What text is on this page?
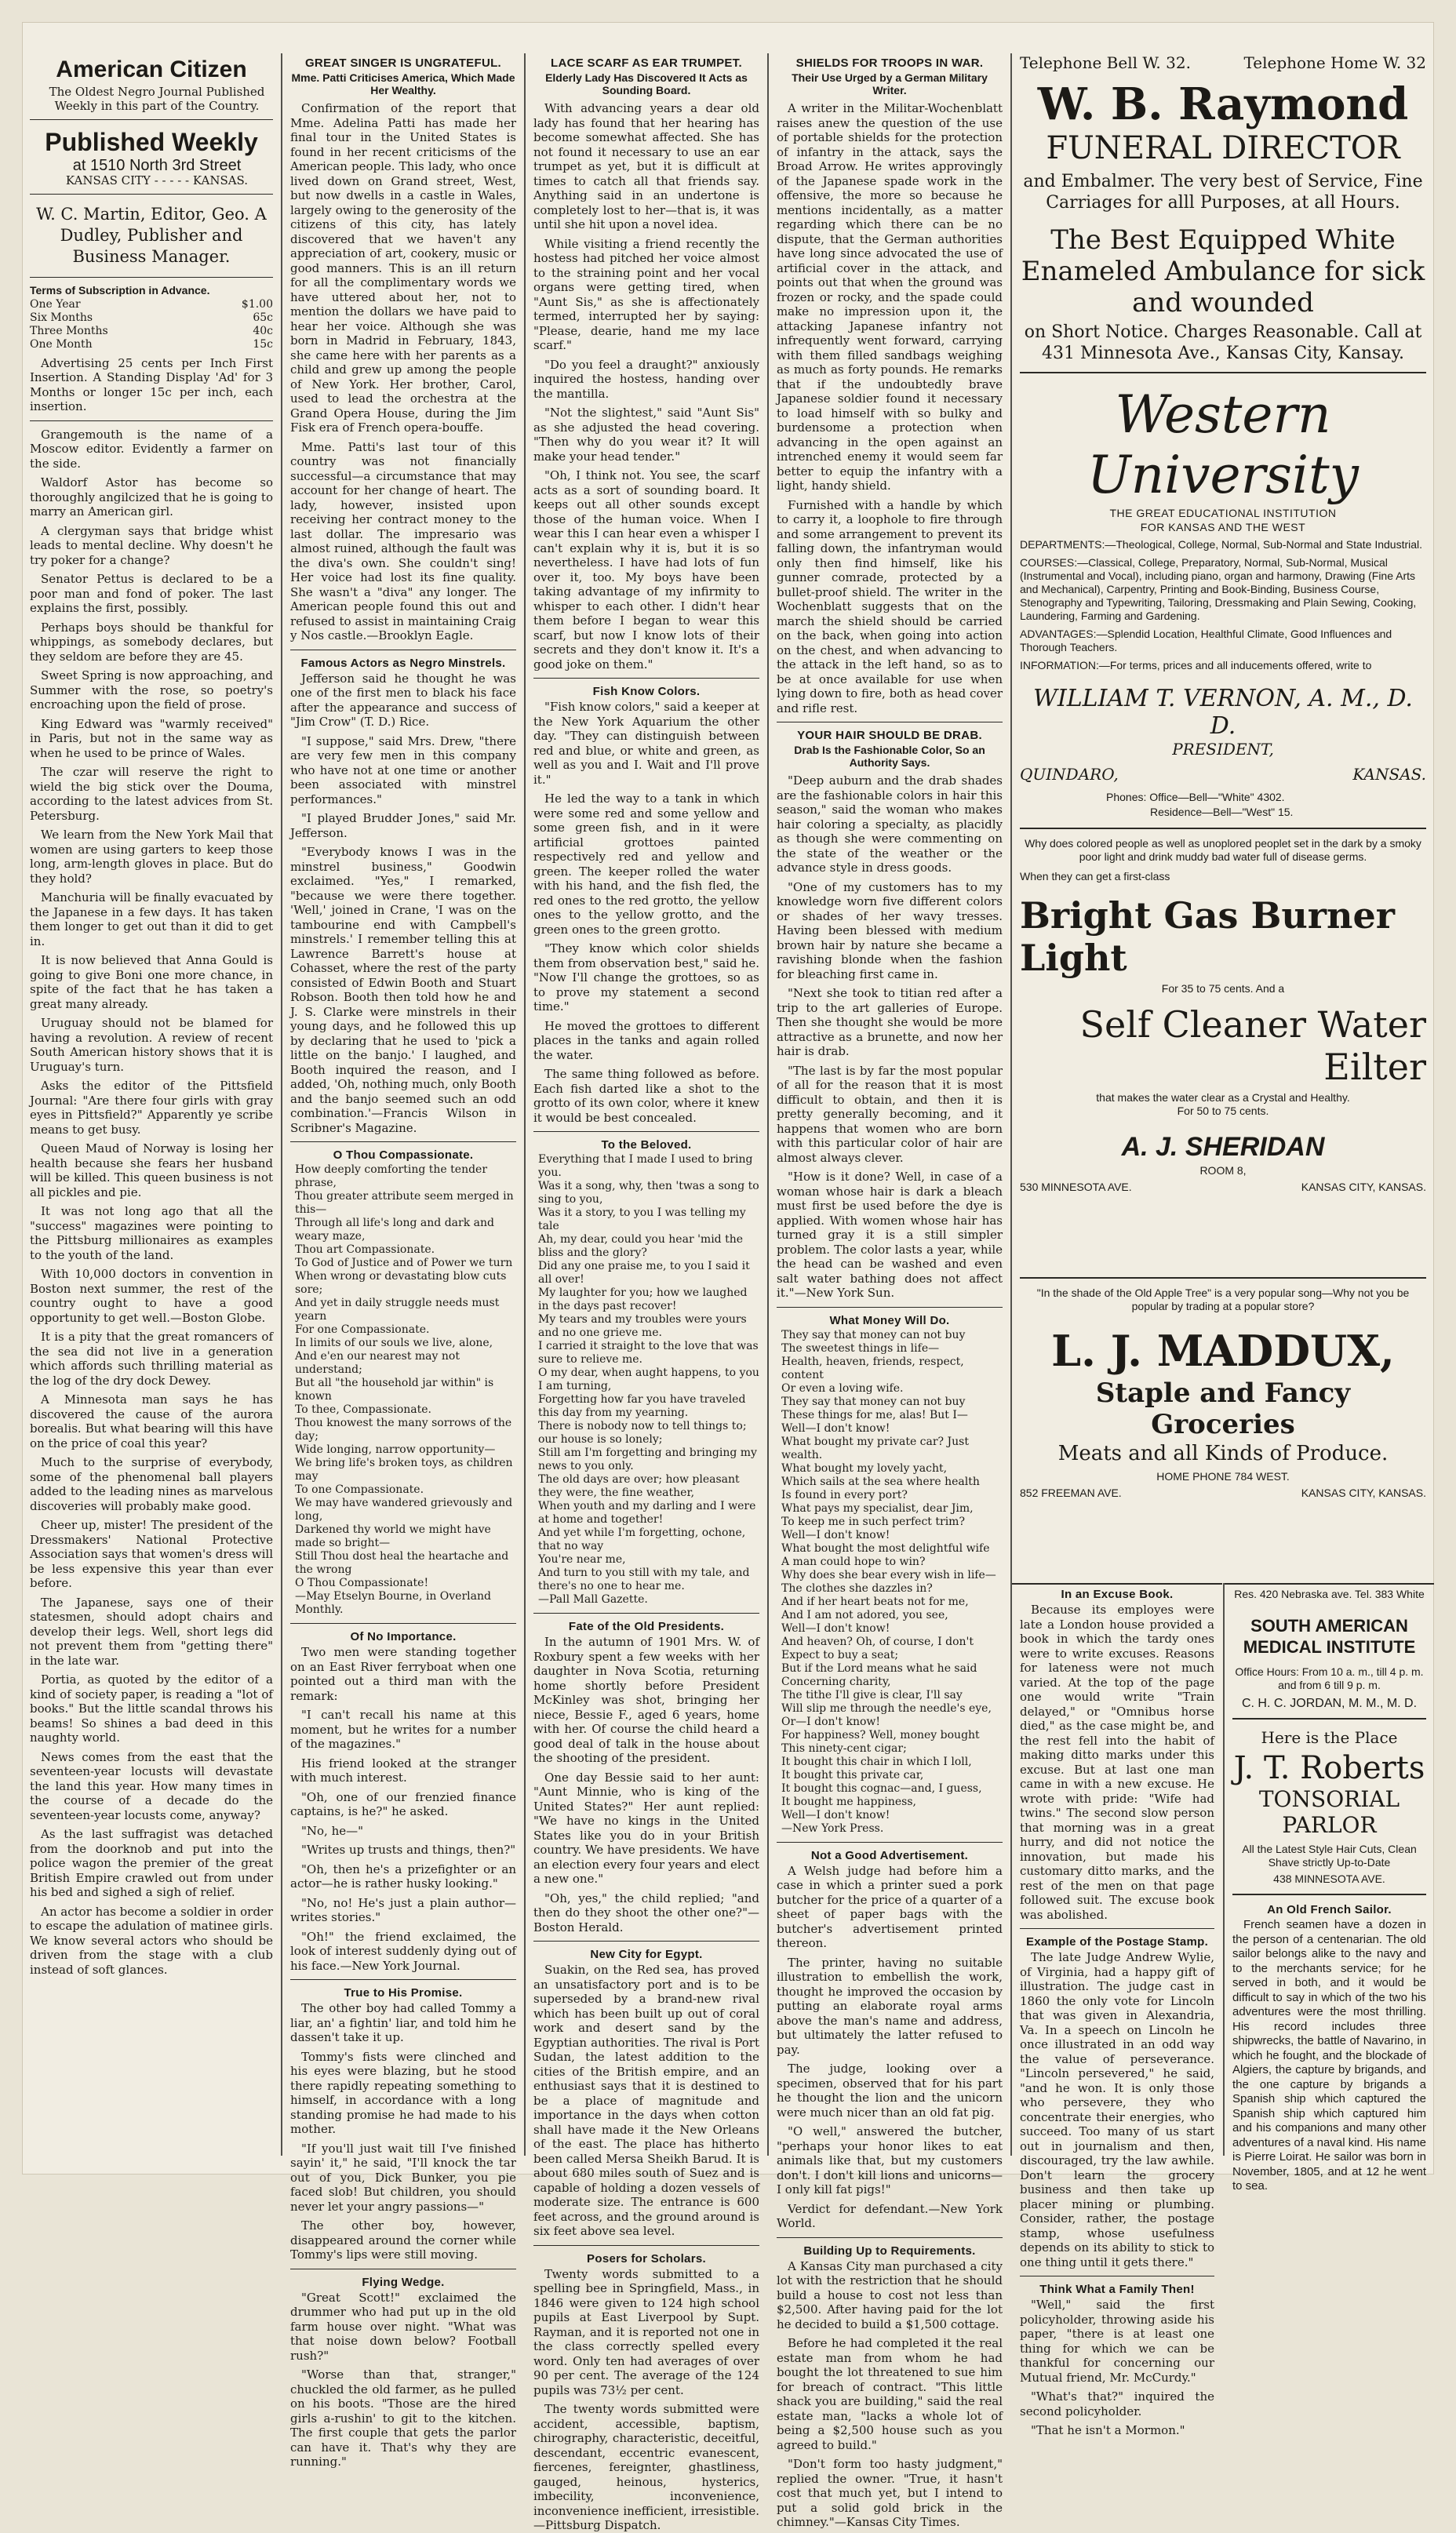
American Citizen

The Oldest Negro Journal Published

Weekly in this part of the Country.

Published Weekly

at 1510 North 3rd Street

KANSAS CITY - - - - - KANSAS.

W. C. Martin, Editor, Geo. A Dudley, Publisher and Business Manager.
Terms of Subscription in Advance.
One Year	$1.00
Six Months	65c
Three Months	40c
One Month	15c

Advertising 25 cents per Inch First Insertion. A Standing Display 'Ad' for 3 Months or longer 15c per inch, each insertion.

Grangemouth is the name of a Moscow editor. Evidently a farmer on the side.

Waldorf Astor has become so thoroughly angilcized that he is going to marry an American girl.

A clergyman says that bridge whist leads to mental decline. Why doesn't he try poker for a change?

Senator Pettus is declared to be a poor man and fond of poker. The last explains the first, possibly.

Perhaps boys should be thankful for whippings, as somebody declares, but they seldom are before they are 45.

Sweet Spring is now approaching, and Summer with the rose, so poetry's encroaching upon the field of prose.

King Edward was "warmly received" in Paris, but not in the same way as when he used to be prince of Wales.

The czar will reserve the right to wield the big stick over the Douma, according to the latest advices from St. Petersburg.

We learn from the New York Mail that women are using garters to keep those long, arm-length gloves in place. But do they hold?

Manchuria will be finally evacuated by the Japanese in a few days. It has taken them longer to get out than it did to get in.

It is now believed that Anna Gould is going to give Boni one more chance, in spite of the fact that he has taken a great many already.

Uruguay should not be blamed for having a revolution. A review of recent South American history shows that it is Uruguay's turn.

Asks the editor of the Pittsfield Journal: "Are there four girls with gray eyes in Pittsfield?" Apparently ye scribe means to get busy.

Queen Maud of Norway is losing her health because she fears her husband will be killed. This queen business is not all pickles and pie.

It was not long ago that all the "success" magazines were pointing to the Pittsburg millionaires as examples to the youth of the land.

With 10,000 doctors in convention in Boston next summer, the rest of the country ought to have a good opportunity to get well.—Boston Globe.

It is a pity that the great romancers of the sea did not live in a generation which affords such thrilling material as the log of the dry dock Dewey.

A Minnesota man says he has discovered the cause of the aurora borealis. But what bearing will this have on the price of coal this year?

Much to the surprise of everybody, some of the phenomenal ball players added to the leading nines as marvelous discoveries will probably make good.

Cheer up, mister! The president of the Dressmakers' National Protective Association says that women's dress will be less expensive this year than ever before.

The Japanese, says one of their statesmen, should adopt chairs and develop their legs. Well, short legs did not prevent them from "getting there" in the late war.

Portia, as quoted by the editor of a kind of society paper, is reading a "lot of books." But the little scandal throws his beams! So shines a bad deed in this naughty world.

News comes from the east that the seventeen-year locusts will devastate the land this year. How many times in the course of a decade do the seventeen-year locusts come, anyway?

As the last suffragist was detached from the doorknob and put into the police wagon the premier of the great British Empire crawled out from under his bed and sighed a sigh of relief.

An actor has become a soldier in order to escape the adulation of matinee girls. We know several actors who should be driven from the stage with a club instead of soft glances.

GREAT SINGER IS UNGRATEFUL.
Mme. Patti Criticises America, Which Made Her Wealthy.

Confirmation of the report that Mme. Adelina Patti has made her final tour in the United States is found in her recent criticisms of the American people. This lady, who once lived down on Grand street, West, but now dwells in a castle in Wales, largely owing to the generosity of the citizens of this city, has lately discovered that we haven't any appreciation of art, cookery, music or good manners. This is an ill return for all the complimentary words we have uttered about her, not to mention the dollars we have paid to hear her voice. Although she was born in Madrid in February, 1843, she came here with her parents as a child and grew up among the people of New York. Her brother, Carol, used to lead the orchestra at the Grand Opera House, during the Jim Fisk era of French opera-bouffe.

Mme. Patti's last tour of this country was not financially successful—a circumstance that may account for her change of heart. The lady, however, insisted upon receiving her contract money to the last dollar. The impresario was almost ruined, although the fault was the diva's own. She couldn't sing! Her voice had lost its fine quality. She wasn't a "diva" any longer. The American people found this out and refused to assist in maintaining Craig y Nos castle.—Brooklyn Eagle.

Famous Actors as Negro Minstrels.

Jefferson said he thought he was one of the first men to black his face after the appearance and success of "Jim Crow" (T. D.) Rice.

"I suppose," said Mrs. Drew, "there are very few men in this company who have not at one time or another been associated with minstrel performances."

"I played Brudder Jones," said Mr. Jefferson.

"Everybody knows I was in the minstrel business," Goodwin exclaimed. "Yes," I remarked, "because we were there together. 'Well,' joined in Crane, 'I was on the tambourine end with Campbell's minstrels.' I remember telling this at Lawrence Barrett's house at Cohasset, where the rest of the party consisted of Edwin Booth and Stuart Robson. Booth then told how he and J. S. Clarke were minstrels in their young days, and he followed this up by declaring that he used to 'pick a little on the banjo.' I laughed, and Booth inquired the reason, and I added, 'Oh, nothing much, only Booth and the banjo seemed such an odd combination.'—Francis Wilson in Scribner's Magazine.

O Thou Compassionate.
How deeply comforting the tender phrase,
Thou greater attribute seem merged in this—
Through all life's long and dark and weary maze,
Thou art Compassionate.
To God of Justice and of Power we turn
When wrong or devastating blow cuts sore;
And yet in daily struggle needs must yearn
For one Compassionate.
In limits of our souls we live, alone,
And e'en our nearest may not understand;
But all "the household jar within" is known
To thee, Compassionate.
Thou knowest the many sorrows of the day;
Wide longing, narrow opportunity—
We bring life's broken toys, as children may
To one Compassionate.
We may have wandered grievously and long,
Darkened thy world we might have made so bright—
Still Thou dost heal the heartache and the wrong
O Thou Compassionate!
—May Etselyn Bourne, in Overland Monthly.
Of No Importance.

Two men were standing together on an East River ferryboat when one pointed out a third man with the remark:

"I can't recall his name at this moment, but he writes for a number of the magazines."

His friend looked at the stranger with much interest.

"Oh, one of our frenzied finance captains, is he?" he asked.

"No, he—"

"Writes up trusts and things, then?"

"Oh, then he's a prizefighter or an actor—he is rather husky looking."

"No, no! He's just a plain author—writes stories."

"Oh!" the friend exclaimed, the look of interest suddenly dying out of his face.—New York Journal.

True to His Promise.

The other boy had called Tommy a liar, an' a fightin' liar, and told him he dassen't take it up.

Tommy's fists were clinched and his eyes were blazing, but he stood there rapidly repeating something to himself, in accordance with a long standing promise he had made to his mother.

"If you'll just wait till I've finished sayin' it," he said, "I'll knock the tar out of you, Dick Bunker, you pie faced slob! But children, you should never let your angry passions—"

The other boy, however, disappeared around the corner while Tommy's lips were still moving.

Flying Wedge.

"Great Scott!" exclaimed the drummer who had put up in the old farm house over night. "What was that noise down below? Football rush?"

"Worse than that, stranger," chuckled the old farmer, as he pulled on his boots. "Those are the hired girls a-rushin' to git to the kitchen. The first couple that gets the parlor can have it. That's why they are running."

LACE SCARF AS EAR TRUMPET.
Elderly Lady Has Discovered It Acts as Sounding Board.

With advancing years a dear old lady has found that her hearing has become somewhat affected. She has not found it necessary to use an ear trumpet as yet, but it is difficult at times to catch all that friends say. Anything said in an undertone is completely lost to her—that is, it was until she hit upon a novel idea.

While visiting a friend recently the hostess had pitched her voice almost to the straining point and her vocal organs were getting tired, when "Aunt Sis," as she is affectionately termed, interrupted her by saying: "Please, dearie, hand me my lace scarf."

"Do you feel a draught?" anxiously inquired the hostess, handing over the mantilla.

"Not the slightest," said "Aunt Sis" as she adjusted the head covering. "Then why do you wear it? It will make your head tender."

"Oh, I think not. You see, the scarf acts as a sort of sounding board. It keeps out all other sounds except those of the human voice. When I wear this I can hear even a whisper I can't explain why it is, but it is so nevertheless. I have had lots of fun over it, too. My boys have been taking advantage of my infirmity to whisper to each other. I didn't hear them before I began to wear this scarf, but now I know lots of their secrets and they don't know it. It's a good joke on them."

Fish Know Colors.

"Fish know colors," said a keeper at the New York Aquarium the other day. "They can distinguish between red and blue, or white and green, as well as you and I. Wait and I'll prove it."

He led the way to a tank in which were some red and some yellow and some green fish, and in it were artificial grottoes painted respectively red and yellow and green. The keeper rolled the water with his hand, and the fish fled, the red ones to the red grotto, the yellow ones to the yellow grotto, and the green ones to the green grotto.

"They know which color shields them from observation best," said he. "Now I'll change the grottoes, so as to prove my statement a second time."

He moved the grottoes to different places in the tanks and again rolled the water.

The same thing followed as before. Each fish darted like a shot to the grotto of its own color, where it knew it would be best concealed.

To the Beloved.
Everything that I made I used to bring you.
Was it a song, why, then 'twas a song to sing to you,
Was it a story, to you I was telling my tale
Ah, my dear, could you hear 'mid the bliss and the glory?
Did any one praise me, to you I said it all over!
My laughter for you; how we laughed in the days past recover!
My tears and my troubles were yours
and no one grieve me.
I carried it straight to the love that was sure to relieve me.
O my dear, when aught happens, to you I am turning,
Forgetting how far you have traveled this day from my yearning.
There is nobody now to tell things to; our house is so lonely;
Still am I'm forgetting and bringing my news to you only.
The old days are over; how pleasant they were, the fine weather,
When youth and my darling and I were at home and together!
And yet while I'm forgetting, ochone, that no way
You're near me,
And turn to you still with my tale, and there's no one to hear me.
—Pall Mall Gazette.
Fate of the Old Presidents.

In the autumn of 1901 Mrs. W. of Roxbury spent a few weeks with her daughter in Nova Scotia, returning home shortly before President McKinley was shot, bringing her niece, Bessie F., aged 6 years, home with her. Of course the child heard a good deal of talk in the house about the shooting of the president.

One day Bessie said to her aunt: "Aunt Minnie, who is king of the United States?" Her aunt replied: "We have no kings in the United States like you do in your British country. We have presidents. We have an election every four years and elect a new one."

"Oh, yes," the child replied; "and then do they shoot the other one?"—Boston Herald.

New City for Egypt.

Suakin, on the Red sea, has proved an unsatisfactory port and is to be superseded by a brand-new rival which has been built up out of coral work and desert sand by the Egyptian authorities. The rival is Port Sudan, the latest addition to the cities of the British empire, and an enthusiast says that it is destined to be a place of magnitude and importance in the days when cotton shall have made it the New Orleans of the east. The place has hitherto been called Mersa Sheikh Barud. It is about 680 miles south of Suez and is capable of holding a dozen vessels of moderate size. The entrance is 600 feet across, and the ground around is six feet above sea level.

Posers for Scholars.

Twenty words submitted to a spelling bee in Springfield, Mass., in 1846 were given to 124 high school pupils at East Liverpool by Supt. Rayman, and it is reported not one in the class correctly spelled every word. Only ten had averages of over 90 per cent. The average of the 124 pupils was 73½ per cent.

The twenty words submitted were accident, accessible, baptism, chirography, characteristic, deceitful, descendant, eccentric evanescent, fiercenes, fereignter, ghastliness, gauged, heinous, hysterics, imbecility, inconvenience, inconvenience inefficient, irresistible.—Pittsburg Dispatch.

SHIELDS FOR TROOPS IN WAR.
Their Use Urged by a German Military Writer.

A writer in the Militar-Wochenblatt raises anew the question of the use of portable shields for the protection of infantry in the attack, says the Broad Arrow. He writes approvingly of the Japanese spade work in the offensive, the more so because he mentions incidentally, as a matter regarding which there can be no dispute, that the German authorities have long since advocated the use of artificial cover in the attack, and points out that when the ground was frozen or rocky, and the spade could make no impression upon it, the attacking Japanese infantry not infrequently went forward, carrying with them filled sandbags weighing as much as forty pounds. He remarks that if the undoubtedly brave Japanese soldier found it necessary to load himself with so bulky and burdensome a protection when advancing in the open against an intrenched enemy it would seem far better to equip the infantry with a light, handy shield.

Furnished with a handle by which to carry it, a loophole to fire through and some arrangement to prevent its falling down, the infantryman would only then find himself, like his gunner comrade, protected by a bullet-proof shield. The writer in the Wochenblatt suggests that on the march the shield should be carried on the back, when going into action on the chest, and when advancing to the attack in the left hand, so as to be at once available for use when lying down to fire, both as head cover and rifle rest.

YOUR HAIR SHOULD BE DRAB.
Drab Is the Fashionable Color, So an Authority Says.

"Deep auburn and the drab shades are the fashionable colors in hair this season," said the woman who makes hair coloring a specialty, as placidly as though she were commenting on the state of the weather or the advance style in dress goods.

"One of my customers has to my knowledge worn five different colors or shades of her wavy tresses. Having been blessed with medium brown hair by nature she became a ravishing blonde when the fashion for bleaching first came in.

"Next she took to titian red after a trip to the art galleries of Europe. Then she thought she would be more attractive as a brunette, and now her hair is drab.

"The last is by far the most popular of all for the reason that it is most difficult to obtain, and then it is pretty generally becoming, and it happens that women who are born with this particular color of hair are almost always clever.

"How is it done? Well, in case of a woman whose hair is dark a bleach must first be used before the dye is applied. With women whose hair has turned gray it is a still simpler problem. The color lasts a year, while the head can be washed and even salt water bathing does not affect it."—New York Sun.

What Money Will Do.
They say that money can not buy
The sweetest things in life—
Health, heaven, friends, respect, content
Or even a loving wife.
They say that money can not buy
These things for me, alas! But I—
Well—I don't know!
What bought my private car? Just wealth.
What bought my lovely yacht,
Which sails at the sea where health
Is found in every port?
What pays my specialist, dear Jim,
To keep me in such perfect trim?
Well—I don't know!
What bought the most delightful wife
A man could hope to win?
Why does she bear every wish in life—
The clothes she dazzles in?
And if her heart beats not for me,
And I am not adored, you see,
Well—I don't know!
And heaven? Oh, of course, I don't
Expect to buy a seat;
But if the Lord means what he said
Concerning charity,
The tithe I'll give is clear, I'll say
Will slip me through the needle's eye,
Or—I don't know!
For happiness? Well, money bought
This ninety-cent cigar;
It bought this chair in which I loll,
It bought this private car,
It bought this cognac—and, I guess,
It bought me happiness,
Well—I don't know!
—New York Press.
Not a Good Advertisement.

A Welsh judge had before him a case in which a printer sued a pork butcher for the price of a quarter of a sheet of paper bags with the butcher's advertisement printed thereon.

The printer, having no suitable illustration to embellish the work, thought he improved the occasion by putting an elaborate royal arms above the man's name and address, but ultimately the latter refused to pay.

The judge, looking over a specimen, observed that for his part he thought the lion and the unicorn were much nicer than an old fat pig.

"O well," answered the butcher, "perhaps your honor likes to eat animals like that, but my customers don't. I don't kill lions and unicorns—I only kill fat pigs!"

Verdict for defendant.—New York World.

Building Up to Requirements.

A Kansas City man purchased a city lot with the restriction that he should build a house to cost not less than $2,500. After having paid for the lot he decided to build a $1,500 cottage.

Before he had completed it the real estate man from whom he had bought the lot threatened to sue him for breach of contract. "This little shack you are building," said the real estate man, "lacks a whole lot of being a $2,500 house such as you agreed to build."

"Don't form too hasty judgment," replied the owner. "True, it hasn't cost that much yet, but I intend to put a solid gold brick in the chimney."—Kansas City Times.

Telephone Bell W. 32.	Telephone Home W. 32
W. B. Raymond
FUNERAL DIRECTOR
and Embalmer. The very best of Service, Fine Carriages for alll Purposes, at all Hours.
The Best Equipped White Enameled Ambulance for sick and wounded
on Short Notice. Charges Reasonable. Call at 431 Minnesota Ave., Kansas City, Kansay.
Western University
THE GREAT EDUCATIONAL INSTITUTION
FOR KANSAS AND THE WEST
DEPARTMENTS:—Theological, College, Normal, Sub-Normal and State Industrial.
COURSES:—Classical, College, Preparatory, Normal, Sub-Normal, Musical (Instrumental and Vocal), including piano, organ and harmony, Drawing (Fine Arts and Mechanical), Carpentry, Printing and Book-Binding, Business Course, Stenography and Typewriting, Tailoring, Dressmaking and Plain Sewing, Cooking, Laundering, Farming and Gardening.
ADVANTAGES:—Splendid Location, Healthful Climate, Good Influences and Thorough Teachers.
INFORMATION:—For terms, prices and all inducements offered, write to
WILLIAM T. VERNON, A. M., D. D.
PRESIDENT,
QUINDARO,	KANSAS.
Phones: Office—Bell—"White" 4302.
Residence—Bell—"West" 15.
Why does colored people as well as unoplored peoplet set in the dark by a smoky poor light and drink muddy bad water full of disease germs.
When they can get a first-class
Bright Gas Burner Light
For 35 to 75 cents. And a
Self Cleaner Water Eilter
that makes the water clear as a Crystal and Healthy.
For 50 to 75 cents.
A. J. SHERIDAN
ROOM 8,
530 MINNESOTA AVE.	KANSAS CITY, KANSAS.
"In the shade of the Old Apple Tree" is a very popular song—Why not you be popular by trading at a popular store?
L. J. MADDUX,
Staple and Fancy Groceries
Meats and all Kinds of Produce.
HOME PHONE 784 WEST.
852 FREEMAN AVE.	KANSAS CITY, KANSAS.
In an Excuse Book.

Because its employes were late a London house provided a book in which the tardy ones were to write excuses. Reasons for lateness were not much varied. At the top of the page one would write "Train delayed," or "Omnibus horse died," as the case might be, and the rest fell into the habit of making ditto marks under this excuse. But at last one man came in with a new excuse. He wrote with pride: "Wife had twins." The second slow person that morning was in a great hurry, and did not notice the innovation, but made his customary ditto marks, and the rest of the men on that page followed suit. The excuse book was abolished.

Example of the Postage Stamp.

The late Judge Andrew Wylie, of Virginia, had a happy gift of illustration. The judge cast in 1860 the only vote for Lincoln that was given in Alexandria, Va. In a speech on Lincoln he once illustrated in an odd way the value of perseverance. "Lincoln persevered," he said, "and he won. It is only those who persevere, they who concentrate their energies, who succeed. Too many of us start out in journalism and then, discouraged, try the law awhile. Don't learn the grocery business and then take up placer mining or plumbing. Consider, rather, the postage stamp, whose usefulness depends on its ability to stick to one thing until it gets there."

Think What a Family Then!

"Well," said the first policyholder, throwing aside his paper, "there is at least one thing for which we can be thankful for concerning our Mutual friend, Mr. McCurdy."

"What's that?" inquired the second policyholder.

"That he isn't a Mormon."

Res. 420 Nebraska ave. Tel. 383 White
SOUTH AMERICAN MEDICAL INSTITUTE
Office Hours: From 10 a. m., till 4 p. m. and from 6 till 9 p. m.
C. H. C. JORDAN, M. M., M. D.
Here is the Place
J. T. Roberts
TONSORIAL PARLOR
All the Latest Style Hair Cuts, Clean Shave strictly Up-to-Date
438 MINNESOTA AVE.
An Old French Sailor.

French seamen have a dozen in the person of a centenarian. The old sailor belongs alike to the navy and to the merchants service; for he served in both, and it would be difficult to say in which of the two his adventures were the most thrilling. His record includes three shipwrecks, the battle of Navarino, in which he fought, and the blockade of Algiers, the capture by brigands, and the one capture by brigands a Spanish ship which captured the Spanish ship which captured him and his companions and many other adventures of a naval kind. His name is Pierre Loirat. He sailor was born in November, 1805, and at 12 he went to sea.
